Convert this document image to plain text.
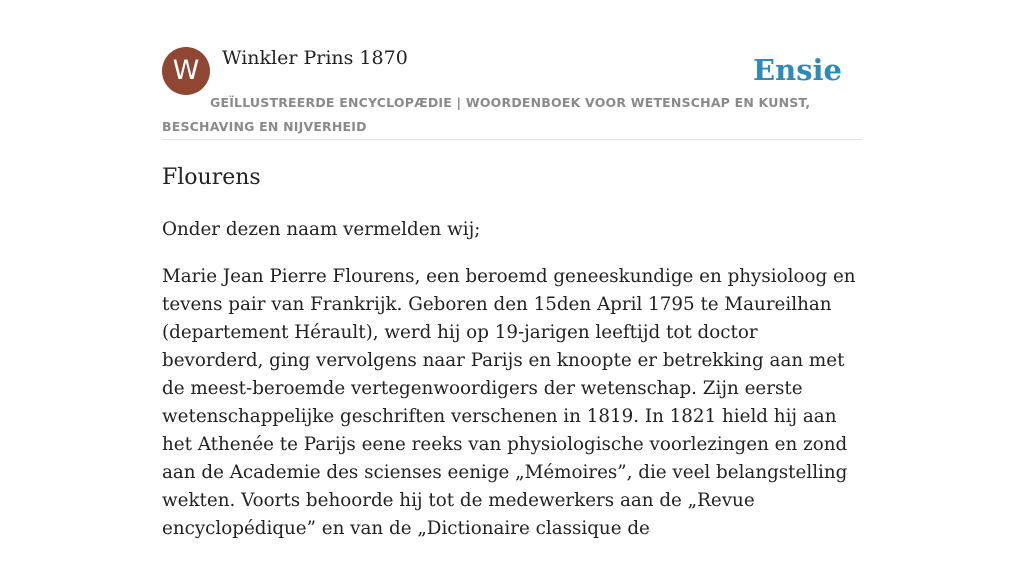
W	Winkler Prins 1870	Ensie
GEÏLLUSTREERDE ENCYCLOPÆDIE | WOORDENBOEK VOOR WETENSCHAP EN KUNST, BESCHAVING EN NIJVERHEID
Flourens

Onder dezen naam vermelden wij;

Marie Jean Pierre Flourens, een beroemd geneeskundige en physioloog en tevens pair van Frankrijk. Geboren den 15den April 1795 te Maureilhan (departement Hérault), werd hij op 19-jarigen leeftijd tot doctor bevorderd, ging vervolgens naar Parijs en knoopte er betrekking aan met de meest-beroemde vertegenwoordigers der wetenschap. Zijn eerste wetenschappelijke geschriften verschenen in 1819. In 1821 hield hij aan het Athenée te Parijs eene reeks van physiologische voorlezingen en zond aan de Academie des scienses eenige „Mémoires”, die veel belangstelling wekten. Voorts behoorde hij tot de medewerkers aan de „Revue encyclopédique” en van de „Dictionaire classique de
